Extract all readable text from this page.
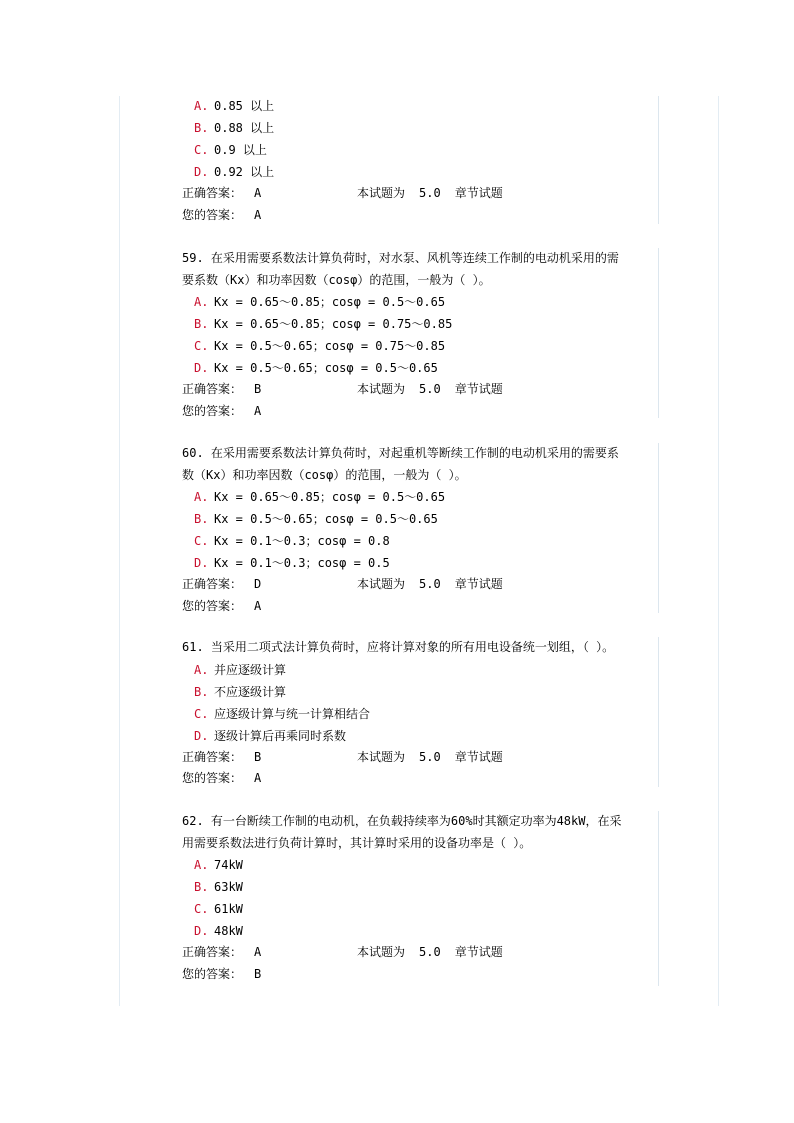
A. 0.85 以上
B. 0.88 以上
C. 0.9 以上
D. 0.92 以上
正确答案： A	本试题为 5.0 章节试题
您的答案： A
59. 在采用需要系数法计算负荷时，对水泵、风机等连续工作制的电动机采用的需
要系数（Kx）和功率因数（cosφ）的范围，一般为（ ）。
A. Kx = 0.65～0.85；cosφ = 0.5～0.65
B. Kx = 0.65～0.85；cosφ = 0.75～0.85
C. Kx = 0.5～0.65；cosφ = 0.75～0.85
D. Kx = 0.5～0.65；cosφ = 0.5～0.65
正确答案： B	本试题为 5.0 章节试题
您的答案： A
60. 在采用需要系数法计算负荷时，对起重机等断续工作制的电动机采用的需要系
数（Kx）和功率因数（cosφ）的范围，一般为（ ）。
A. Kx = 0.65～0.85；cosφ = 0.5～0.65
B. Kx = 0.5～0.65；cosφ = 0.5～0.65
C. Kx = 0.1～0.3；cosφ = 0.8
D. Kx = 0.1～0.3；cosφ = 0.5
正确答案： D	本试题为 5.0 章节试题
您的答案： A
61. 当采用二项式法计算负荷时，应将计算对象的所有用电设备统一划组，（ ）。
A. 并应逐级计算
B. 不应逐级计算
C. 应逐级计算与统一计算相结合
D. 逐级计算后再乘同时系数
正确答案： B	本试题为 5.0 章节试题
您的答案： A
62. 有一台断续工作制的电动机，在负载持续率为60%时其额定功率为48kW，在采
用需要系数法进行负荷计算时，其计算时采用的设备功率是（ ）。
A. 74kW
B. 63kW
C. 61kW
D. 48kW
正确答案： A	本试题为 5.0 章节试题
您的答案： B
